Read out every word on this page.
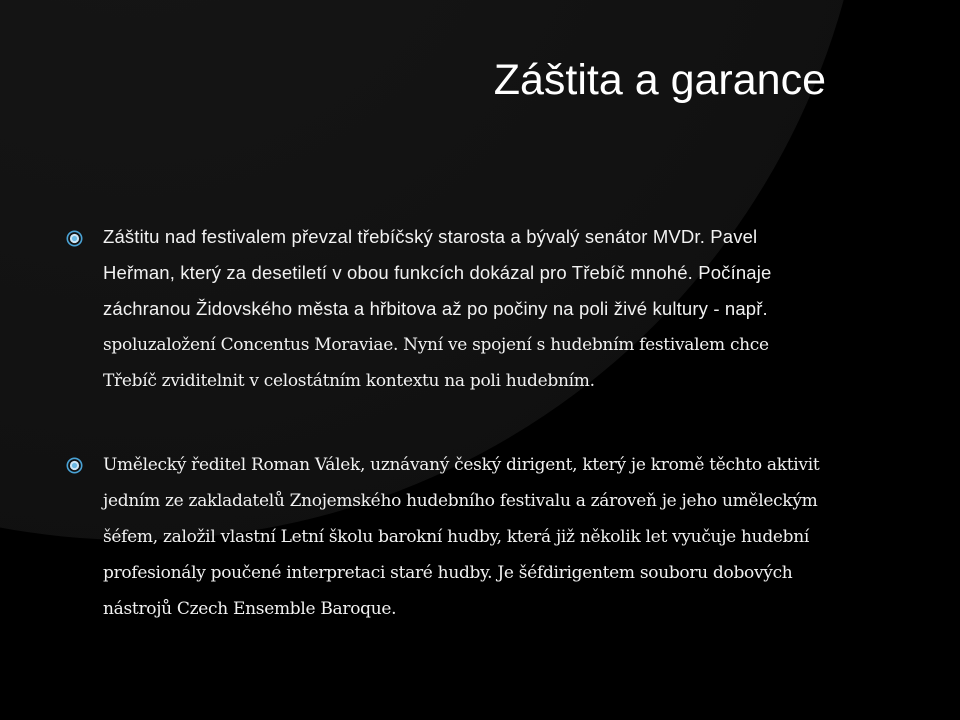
Záštita a garance

Záštitu nad festivalem převzal třebíčský starosta a bývalý senátor MVDr. Pavel Heřman, který za desetiletí v obou funkcích dokázal pro Třebíč mnohé. Počínaje záchranou Židovského města a hřbitova až po počiny na poli živé kultury - např. spoluzaložení Concentus Moraviae. Nyní ve spojení s hudebním festivalem chce Třebíč zviditelnit v celostátním kontextu na poli hudebním.

Umělecký ředitel Roman Válek, uznávaný český dirigent, který je kromě těchto aktivit jedním ze zakladatelů Znojemského hudebního festivalu a zároveň je jeho uměleckým šéfem, založil vlastní Letní školu barokní hudby, která již několik let vyučuje hudební profesionály poučené interpretaci staré hudby. Je šéfdirigentem souboru dobových nástrojů Czech Ensemble Baroque.
